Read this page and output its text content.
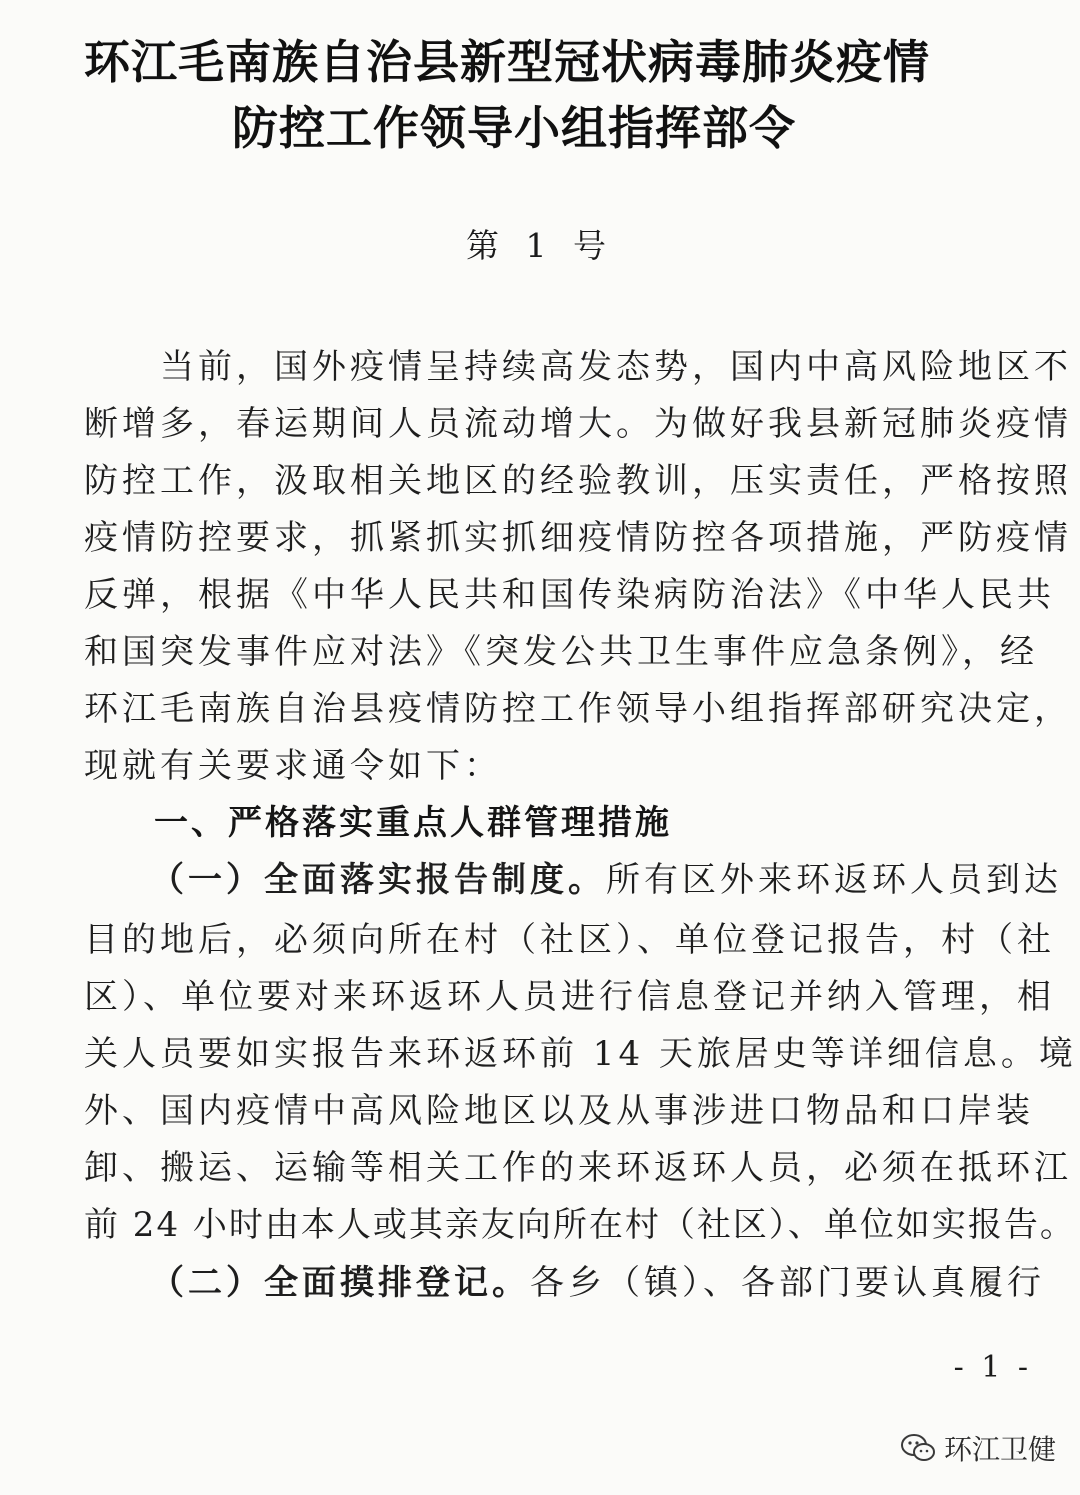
环江毛南族自治县新型冠状病毒肺炎疫情
防控工作领导小组指挥部令
第 1 号

当前，国外疫情呈持续高发态势，国内中高风险地区不

断增多，春运期间人员流动增大。为做好我县新冠肺炎疫情

防控工作，汲取相关地区的经验教训，压实责任，严格按照

疫情防控要求，抓紧抓实抓细疫情防控各项措施，严防疫情

反弹，根据《中华人民共和国传染病防治法》《中华人民共

和国突发事件应对法》《突发公共卫生事件应急条例》，经

环江毛南族自治县疫情防控工作领导小组指挥部研究决定，

现就有关要求通令如下：

一、严格落实重点人群管理措施

（一）全面落实报告制度。所有区外来环返环人员到达

目的地后，必须向所在村（社区）、单位登记报告，村（社

区）、单位要对来环返环人员进行信息登记并纳入管理，相

关人员要如实报告来环返环前 14 天旅居史等详细信息。境

外、国内疫情中高风险地区以及从事涉进口物品和口岸装

卸、搬运、运输等相关工作的来环返环人员，必须在抵环江

前 24 小时由本人或其亲友向所在村（社区）、单位如实报告。

（二）全面摸排登记。各乡（镇）、各部门要认真履行

- 1 -
环江卫健
